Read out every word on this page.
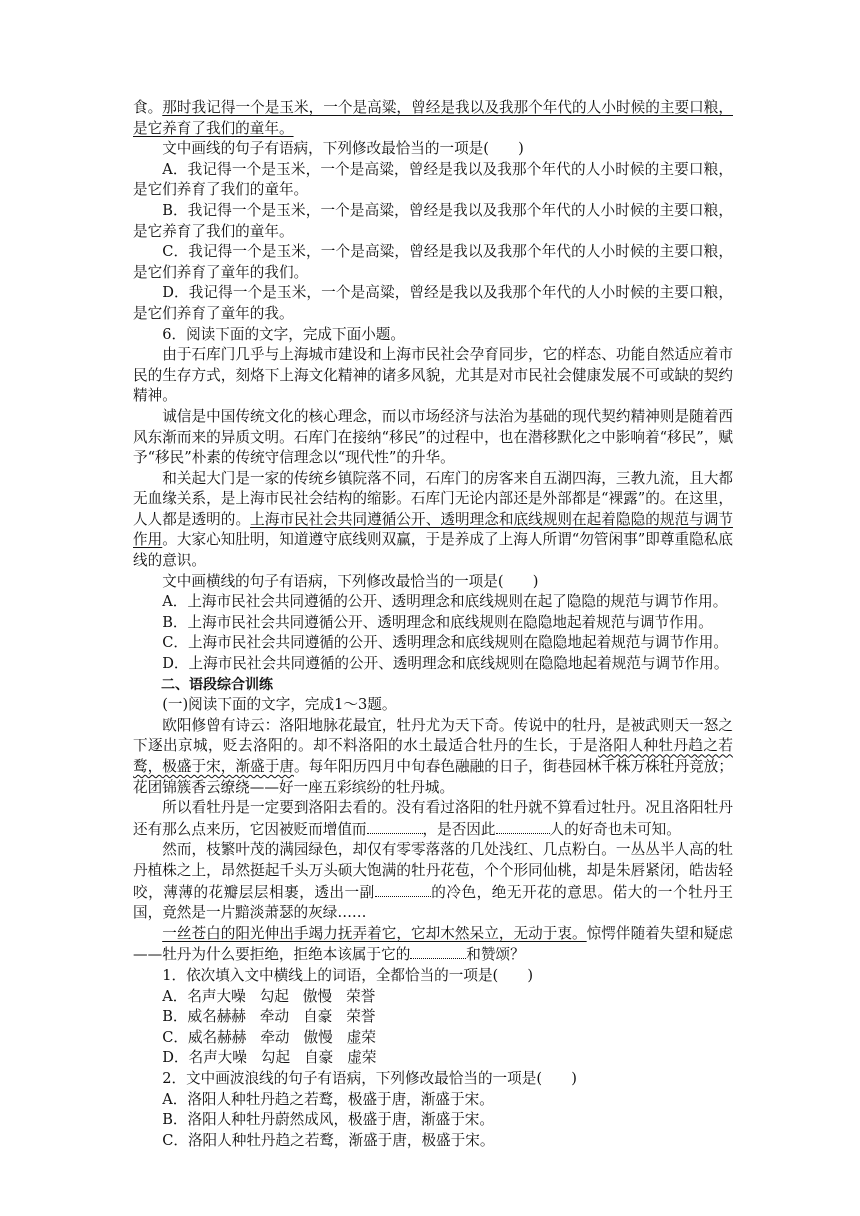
食。那时我记得一个是玉米，一个是高粱，曾经是我以及我那个年代的人小时候的主要口粮，是它养育了我们的童年。

文中画线的句子有语病，下列修改最恰当的一项是(　　)

A．我记得一个是玉米，一个是高粱，曾经是我以及我那个年代的人小时候的主要口粮，是它们养育了我们的童年。

B．我记得一个是玉米，一个是高粱，曾经是我以及我那个年代的人小时候的主要口粮，是它养育了我们的童年。

C．我记得一个是玉米，一个是高粱，曾经是我以及我那个年代的人小时候的主要口粮，是它们养育了童年的我们。

D．我记得一个是玉米，一个是高粱，曾经是我以及我那个年代的人小时候的主要口粮，是它们养育了童年的我。

6．阅读下面的文字，完成下面小题。

由于石库门几乎与上海城市建设和上海市民社会孕育同步，它的样态、功能自然适应着市民的生存方式，刻烙下上海文化精神的诸多风貌，尤其是对市民社会健康发展不可或缺的契约精神。

诚信是中国传统文化的核心理念，而以市场经济与法治为基础的现代契约精神则是随着西风东渐而来的异质文明。石库门在接纳“移民”的过程中，也在潜移默化之中影响着“移民”，赋予“移民”朴素的传统守信理念以“现代性”的升华。

和关起大门是一家的传统乡镇院落不同，石库门的房客来自五湖四海，三教九流，且大都无血缘关系，是上海市民社会结构的缩影。石库门无论内部还是外部都是“裸露”的。在这里，人人都是透明的。上海市民社会共同遵循公开、透明理念和底线规则在起着隐隐的规范与调节作用。大家心知肚明，知道遵守底线则双赢，于是养成了上海人所谓“勿管闲事”即尊重隐私底线的意识。

文中画横线的句子有语病，下列修改最恰当的一项是(　　)

A．上海市民社会共同遵循的公开、透明理念和底线规则在起了隐隐的规范与调节作用。

B．上海市民社会共同遵循公开、透明理念和底线规则在隐隐地起着规范与调节作用。

C．上海市民社会共同遵循的公开、透明理念和底线规则在隐隐地起着规范与调节作用。

D．上海市民社会共同遵循的公开、透明理念和底线规则在隐隐地起着规范与调节作用。

二、语段综合训练

(一)阅读下面的文字，完成1～3题。

欧阳修曾有诗云：洛阳地脉花最宜，牡丹尤为天下奇。传说中的牡丹，是被武则天一怒之下逐出京城，贬去洛阳的。却不料洛阳的水土最适合牡丹的生长，于是洛阳人种牡丹趋之若鹜，极盛于宋，渐盛于唐。每年阳历四月中旬春色融融的日子，街巷园林千株万株牡丹竞放；花团锦簇香云缭绕——好一座五彩缤纷的牡丹城。

所以看牡丹是一定要到洛阳去看的。没有看过洛阳的牡丹就不算看过牡丹。况且洛阳牡丹还有那么点来历，它因被贬而增值而	，是否因此	人的好奇也未可知。

然而，枝繁叶茂的满园绿色，却仅有零零落落的几处浅红、几点粉白。一丛丛半人高的牡丹植株之上，昂然挺起千头万头硕大饱满的牡丹花苞，个个形同仙桃，却是朱唇紧闭，皓齿轻咬，薄薄的花瓣层层相裹，透出一副	的冷色，绝无开花的意思。偌大的一个牡丹王国，竟然是一片黯淡萧瑟的灰绿……

一丝苍白的阳光伸出手竭力抚弄着它，它却木然呆立，无动于衷。惊愕伴随着失望和疑虑——牡丹为什么要拒绝，拒绝本该属于它的	和赞颂？

1．依次填入文中横线上的词语，全都恰当的一项是(　　)

A．名声大噪 勾起 傲慢 荣誉

B．威名赫赫 牵动 自豪 荣誉

C．威名赫赫 牵动 傲慢 虚荣

D．名声大噪 勾起 自豪 虚荣

2．文中画波浪线的句子有语病，下列修改最恰当的一项是(　　)

A．洛阳人种牡丹趋之若鹜，极盛于唐，渐盛于宋。

B．洛阳人种牡丹蔚然成风，极盛于唐，渐盛于宋。

C．洛阳人种牡丹趋之若鹜，渐盛于唐，极盛于宋。
